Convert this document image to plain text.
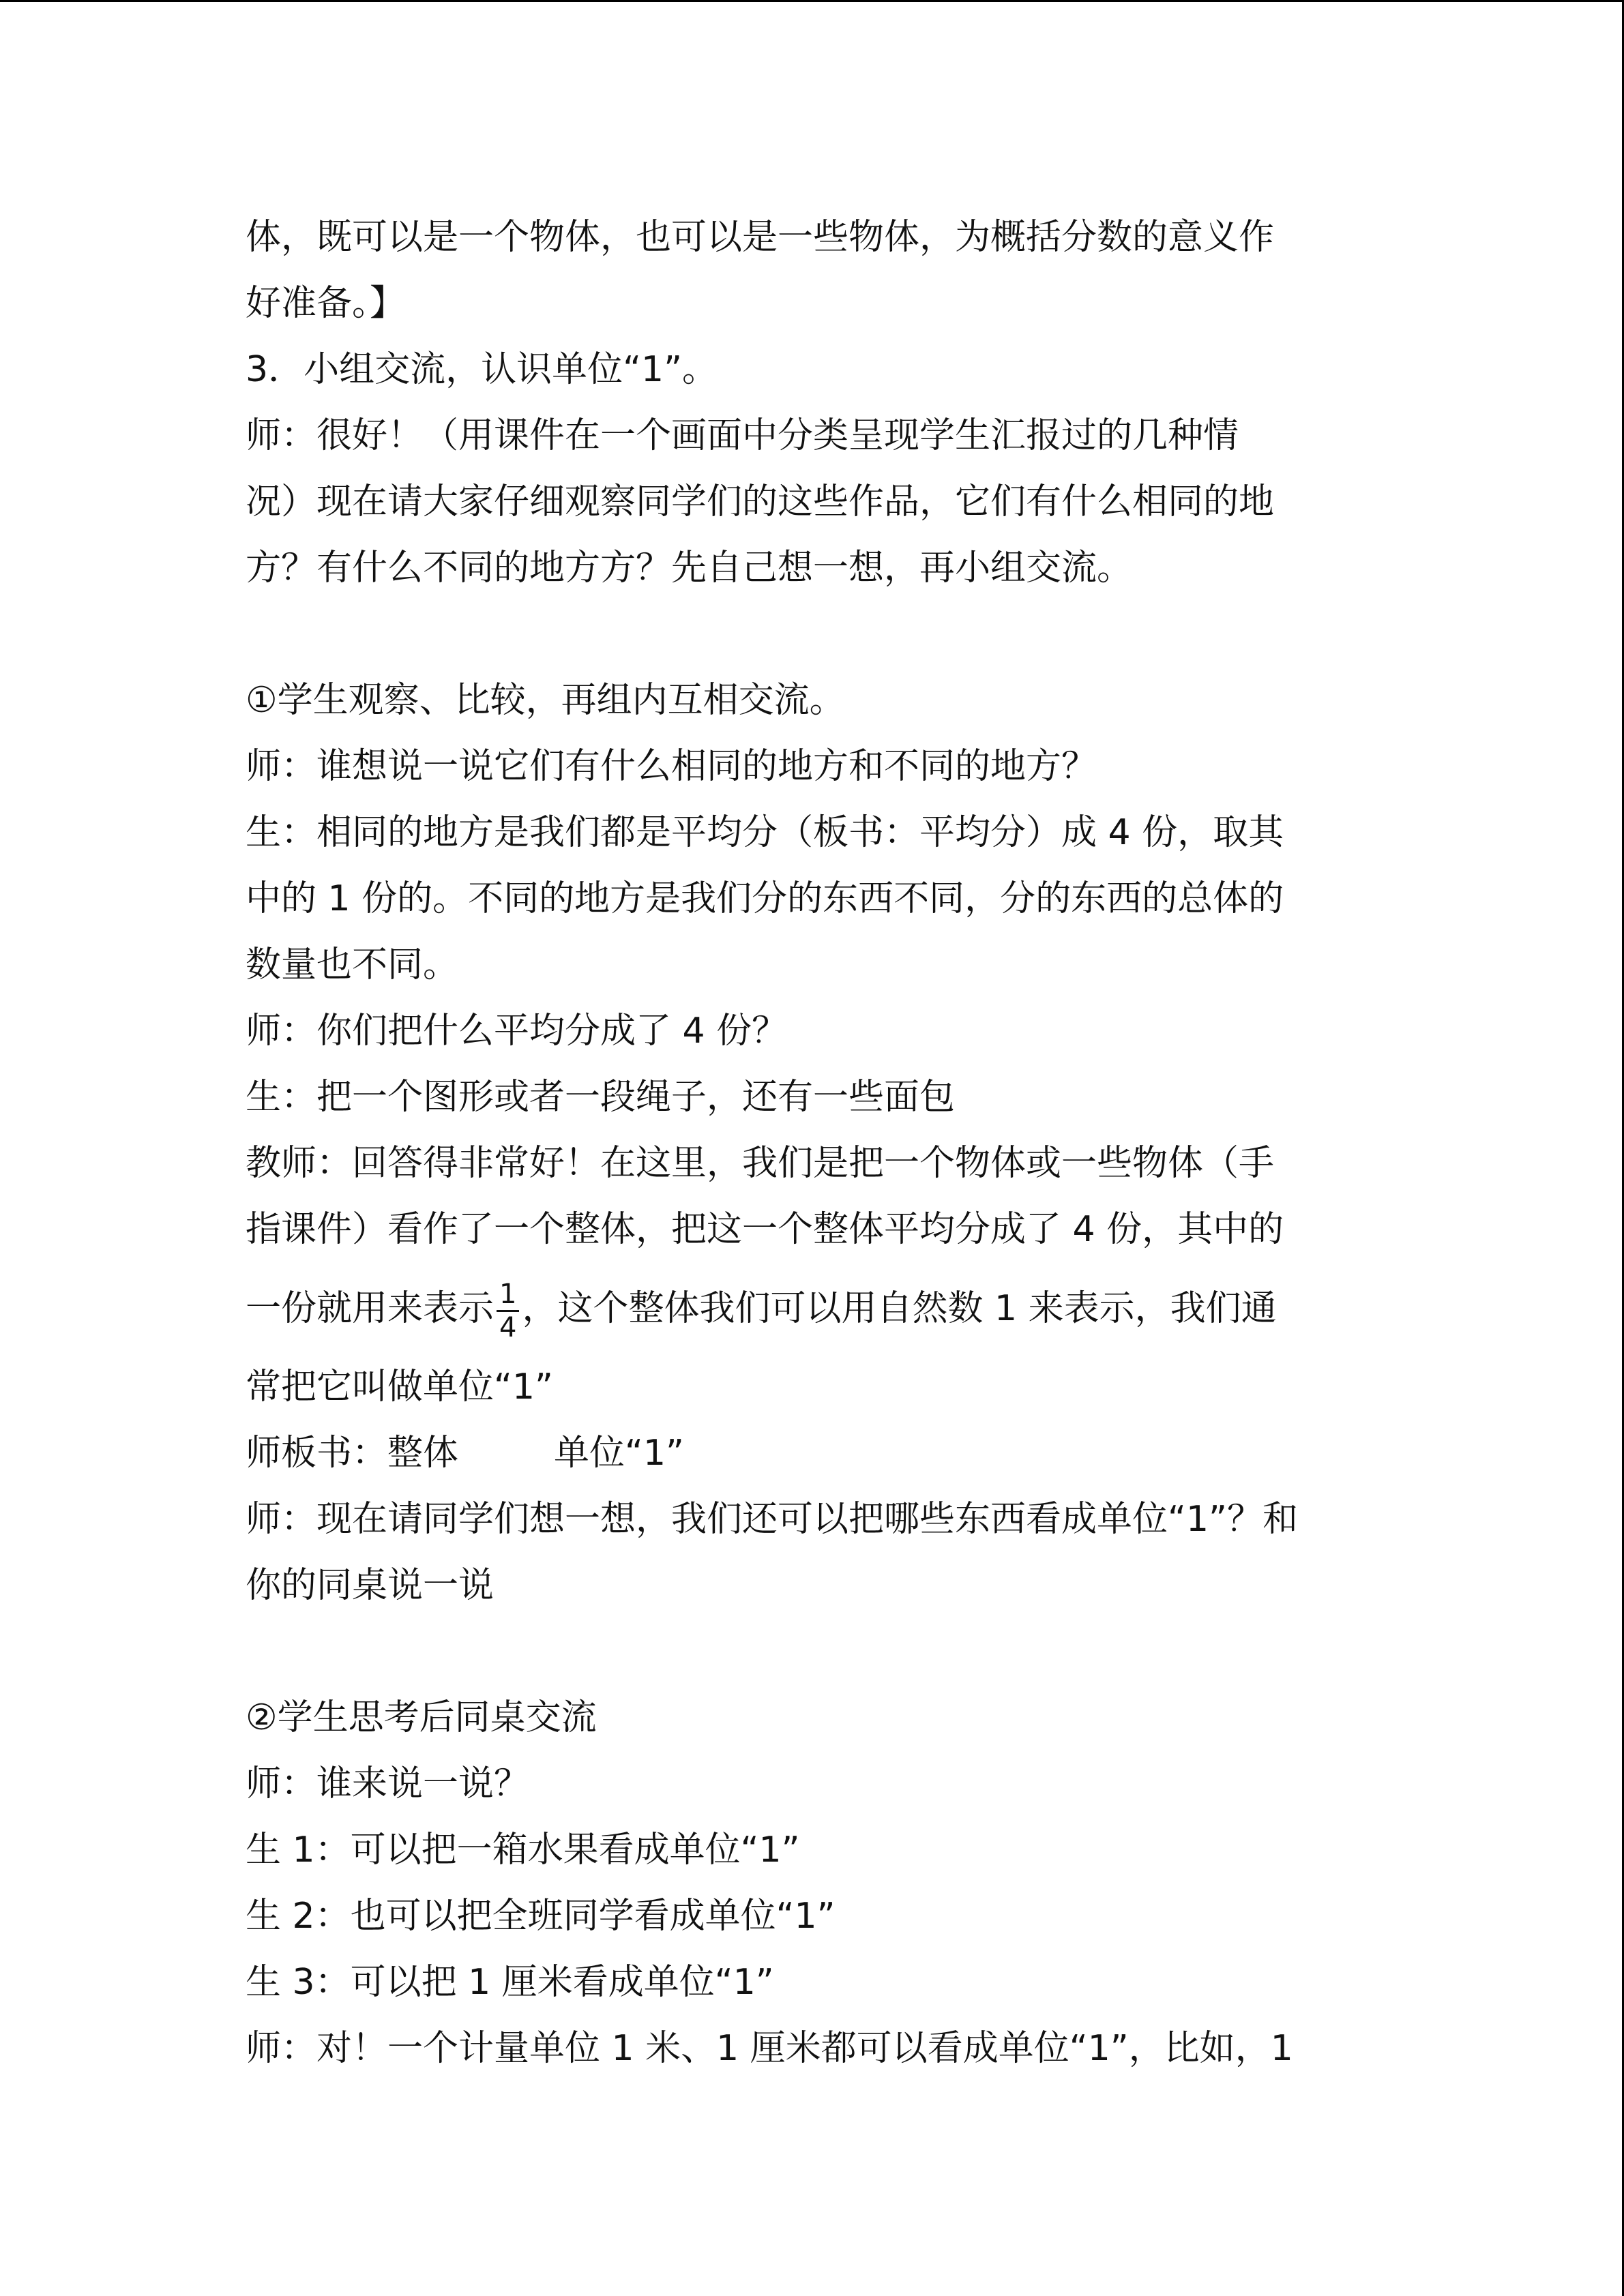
体，既可以是一个物体，也可以是一些物体，为概括分数的意义作
好准备。】
3．小组交流，认识单位“1”。
师：很好！（用课件在一个画面中分类呈现学生汇报过的几种情
况）现在请大家仔细观察同学们的这些作品，它们有什么相同的地
方？有什么不同的地方方？先自己想一想，再小组交流。
①学生观察、比较，再组内互相交流。
师：谁想说一说它们有什么相同的地方和不同的地方？
生：相同的地方是我们都是平均分（板书：平均分）成 4 份，取其
中的 1 份的。不同的地方是我们分的东西不同，分的东西的总体的
数量也不同。
师：你们把什么平均分成了 4 份？
生：把一个图形或者一段绳子，还有一些面包
教师：回答得非常好！在这里，我们是把一个物体或一些物体（手
指课件）看作了一个整体，把这一个整体平均分成了 4 份，其中的
一份就用来表示 $\frac{1}{4}$ ，这个整体我们可以用自然数 1 来表示，我们通
常把它叫做单位“1”
师板书：整体	单位“1”
师：现在请同学们想一想，我们还可以把哪些东西看成单位“1”？和
你的同桌说一说
②学生思考后同桌交流
师：谁来说一说？
生 1：可以把一箱水果看成单位“1”
生 2：也可以把全班同学看成单位“1”
生 3：可以把 1 厘米看成单位“1”
师：对！一个计量单位 1 米、1 厘米都可以看成单位“1”，比如，1
